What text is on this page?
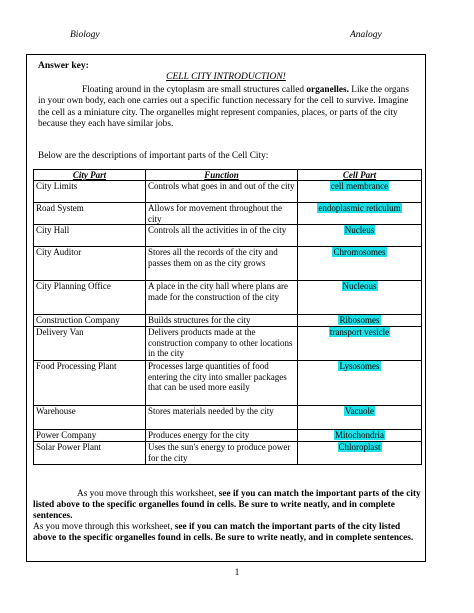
Biology	Analogy
Answer key:
CELL CITY INTRODUCTION!
Floating around in the cytoplasm are small structures called organelles. Like the organs in your own body, each one carries out a specific function necessary for the cell to survive. Imagine the cell as a miniature city. The organelles might represent companies, places, or parts of the city because they each have similar jobs.
Below are the descriptions of important parts of the Cell City:
City Part	Function	Cell Part
City Limits	Controls what goes in and out of the city	cell membrance
Road System	Allows for movement throughout the city	endoplasmic reticulum
City Hall	Controls all the activities in of the city	Nucleus
City Auditor	Stores all the records of the city and passes them on as the city grows	Chromosomes
City Planning Office	A place in the city hall where plans are made for the construction of the city	Nucleous
Construction Company	Builds structures for the city	Ribosomes
Delivery Van	Delivers products made at the construction company to other locations in the city	transport vesicle
Food Processing Plant	Processes large quantities of food entering the city into smaller packages that can be used more easily	Lysosomes
Warehouse	Stores materials needed by the city	Vacuole
Power Company	Produces energy for the city	Mitochondria
Solar Power Plant	Uses the sun's energy to produce power for the city	Chloroplast

As you move through this worksheet, see if you can match the important parts of the city listed above to the specific organelles found in cells. Be sure to write neatly, and in complete sentences.

As you move through this worksheet, see if you can match the important parts of the city listed above to the specific organelles found in cells. Be sure to write neatly, and in complete sentences.

1
